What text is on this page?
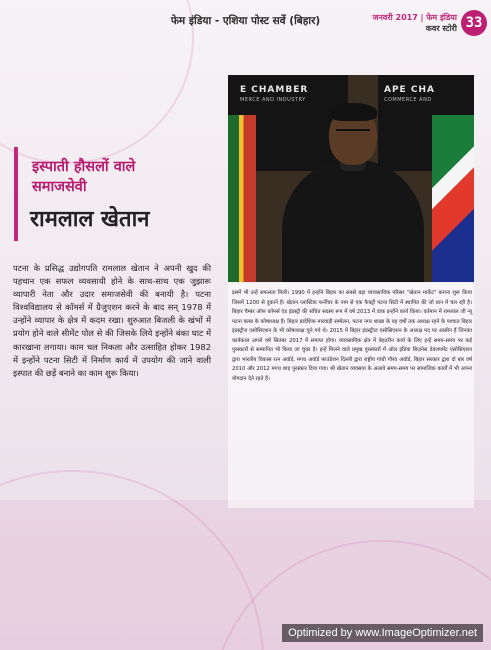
फेम इंडिया - एशिया पोस्ट सर्वे (बिहार)	जनवरी 2017 | फेम इंडिया
कवर स्टोरी 33
E CHAMBER
MERCE AND INDUSTRY
APE CHA
COMMERCE AND
इस्पाती हौसलों वाले
समाजसेवी
रामलाल खेतान
पटना के प्रसिद्ध उद्योगपति रामलाल खेतान ने अपनी खुद की पहचान एक सफल व्यवसायी होने के साथ-साथ एक जुझारू व्यापारी नेता और उदार समाजसेवी की बनायी है। पटना विश्वविद्यालय से कॉमर्स में ग्रैजुएशन करने के बाद सन् 1978 में उन्होंने व्यापार के क्षेत्र में कदम रखा। शुरुआत बिजली के खंभों में प्रयोग होने वाले सीमेंट पोल से की जिसके लिये इन्होंने बंका घाट में कारखाना लगाया। काम चल निकला और उत्साहित होकर 1982 में इन्होंने पटना सिटी में निर्माण कार्य में उपयोग की जाने वाली इस्पात की छड़ें बनाने का काम शुरू किया।
इसमें भी उन्हें सफलता मिली। 1990 में इन्होंने बिहार का सबसे बड़ा व्यावसायिक परिसर "खेतान मार्केट" बनाना शुरू किया जिसमें 1200 से दुकानें हैं। खेतान प्लास्टिक फर्नीचर के नाम से एक फैक्ट्री पटना सिटी में स्थापित की जो प्रान में चल रही है। बिहार चैम्बर ऑफ कॉमर्स एंड इंडस्ट्री की संचित सदस्य रूप में वर्ष 2013 में डाक इन्होंने कार्य किया। वर्तमान में रामलाल जी न्यू पटना क्लब के कोषाध्यक्ष हैं। बिहार प्रादेशिक मारवाड़ी सम्मेलन, पटना नगर शाखा के वह वर्षों तक अध्यक्ष रहने के पश्चात बिहार इंडस्ट्रीज एसोसिएशन के भी कोषाध्यक्ष चुने गये थे। 2015 में बिहार इंडस्ट्रीज एसोसिएशन के अध्यक्ष पद पर आसीन हैं जिनका कार्यकाल अगले वर्ष सितंबर 2017 में समाप्त होगा। व्यावसायिक क्षेत्र में बेहतरीन कार्य के लिए इन्हें समय-समय पर कई पुरस्कारों से सम्मानित भी किया जा चुका है। इन्हें मिलने वाले प्रमुख पुरस्कारों में ऑल इंडिया बिज़नेस डेवलपमेंट एसोसिएशन द्वारा भारतीय विकास रत्न अवॉर्ड, मगध अवॉर्ड फाउंडेशन दिल्ली द्वारा राष्ट्रीय गांधी गौरव अवॉर्ड, बिहार सरकार द्वारा दो बार वर्ष 2010 और 2012 मगध शाह पुरस्कार दिया गया। श्री खेतान व्यवसाय के अलावे समय-समय पर सामाजिक कार्यों में भी अपना योगदान देते रहते हैं।
Optimized by www.ImageOptimizer.net
